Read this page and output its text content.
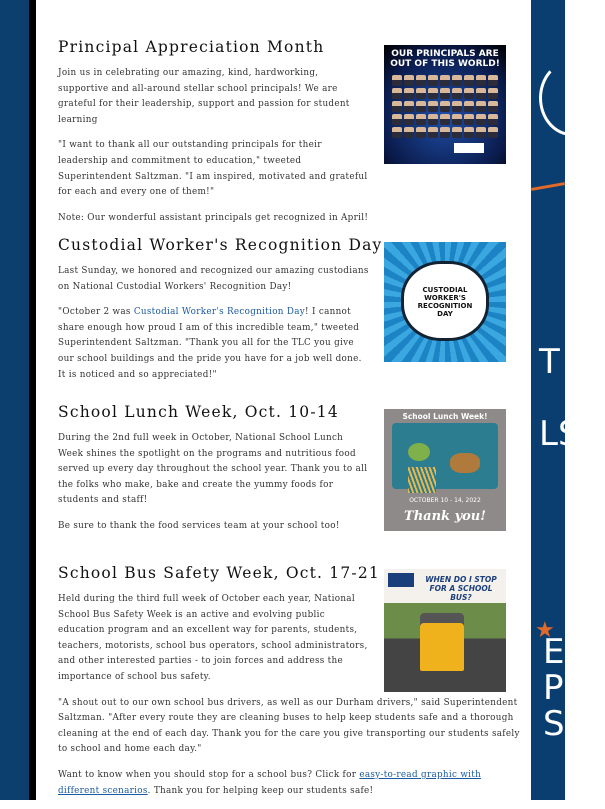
T
LS
★
E
P
S
Principal Appreciation Month

Join us in celebrating our amazing, kind, hardworking, supportive and all-around stellar school principals! We are grateful for their leadership, support and passion for student learning

"I want to thank all our outstanding principals for their leadership and commitment to education," tweeted Superintendent Saltzman. "I am inspired, motivated and grateful for each and every one of them!"

Note: Our wonderful assistant principals get recognized in April!

OUR PRINCIPALS ARE
OUT OF THIS WORLD!
Custodial Worker's Recognition Day

Last Sunday, we honored and recognized our amazing custodians on National Custodial Workers' Recognition Day!

"October 2 was Custodial Worker's Recognition Day! I cannot share enough how proud I am of this incredible team," tweeted Superintendent Saltzman. "Thank you all for the TLC you give our school buildings and the pride you have for a job well done. It is noticed and so appreciated!"

CUSTODIAL
WORKER'S
RECOGNITION
DAY
School Lunch Week, Oct. 10-14

During the 2nd full week in October, National School Lunch Week shines the spotlight on the programs and nutritious food served up every day throughout the school year. Thank you to all the folks who make, bake and create the yummy foods for students and staff!

Be sure to thank the food services team at your school too!

School Lunch Week!
OCTOBER 10 - 14, 2022
Thank you!
School Bus Safety Week, Oct. 17-21

Held during the third full week of October each year, National School Bus Safety Week is an active and evolving public education program and an excellent way for parents, students, teachers, motorists, school bus operators, school administrators, and other interested parties - to join forces and address the importance of school bus safety.

"A shout out to our own school bus drivers, as well as our Durham drivers," said Superintendent Saltzman. "After every route they are cleaning buses to help keep students safe and a thorough cleaning at the end of each day. Thank you for the care you give transporting our students safely to school and home each day."

Want to know when you should stop for a school bus? Click for easy-to-read graphic with different scenarios. Thank you for helping keep our students safe!

WHEN DO I STOP FOR A SCHOOL BUS?
